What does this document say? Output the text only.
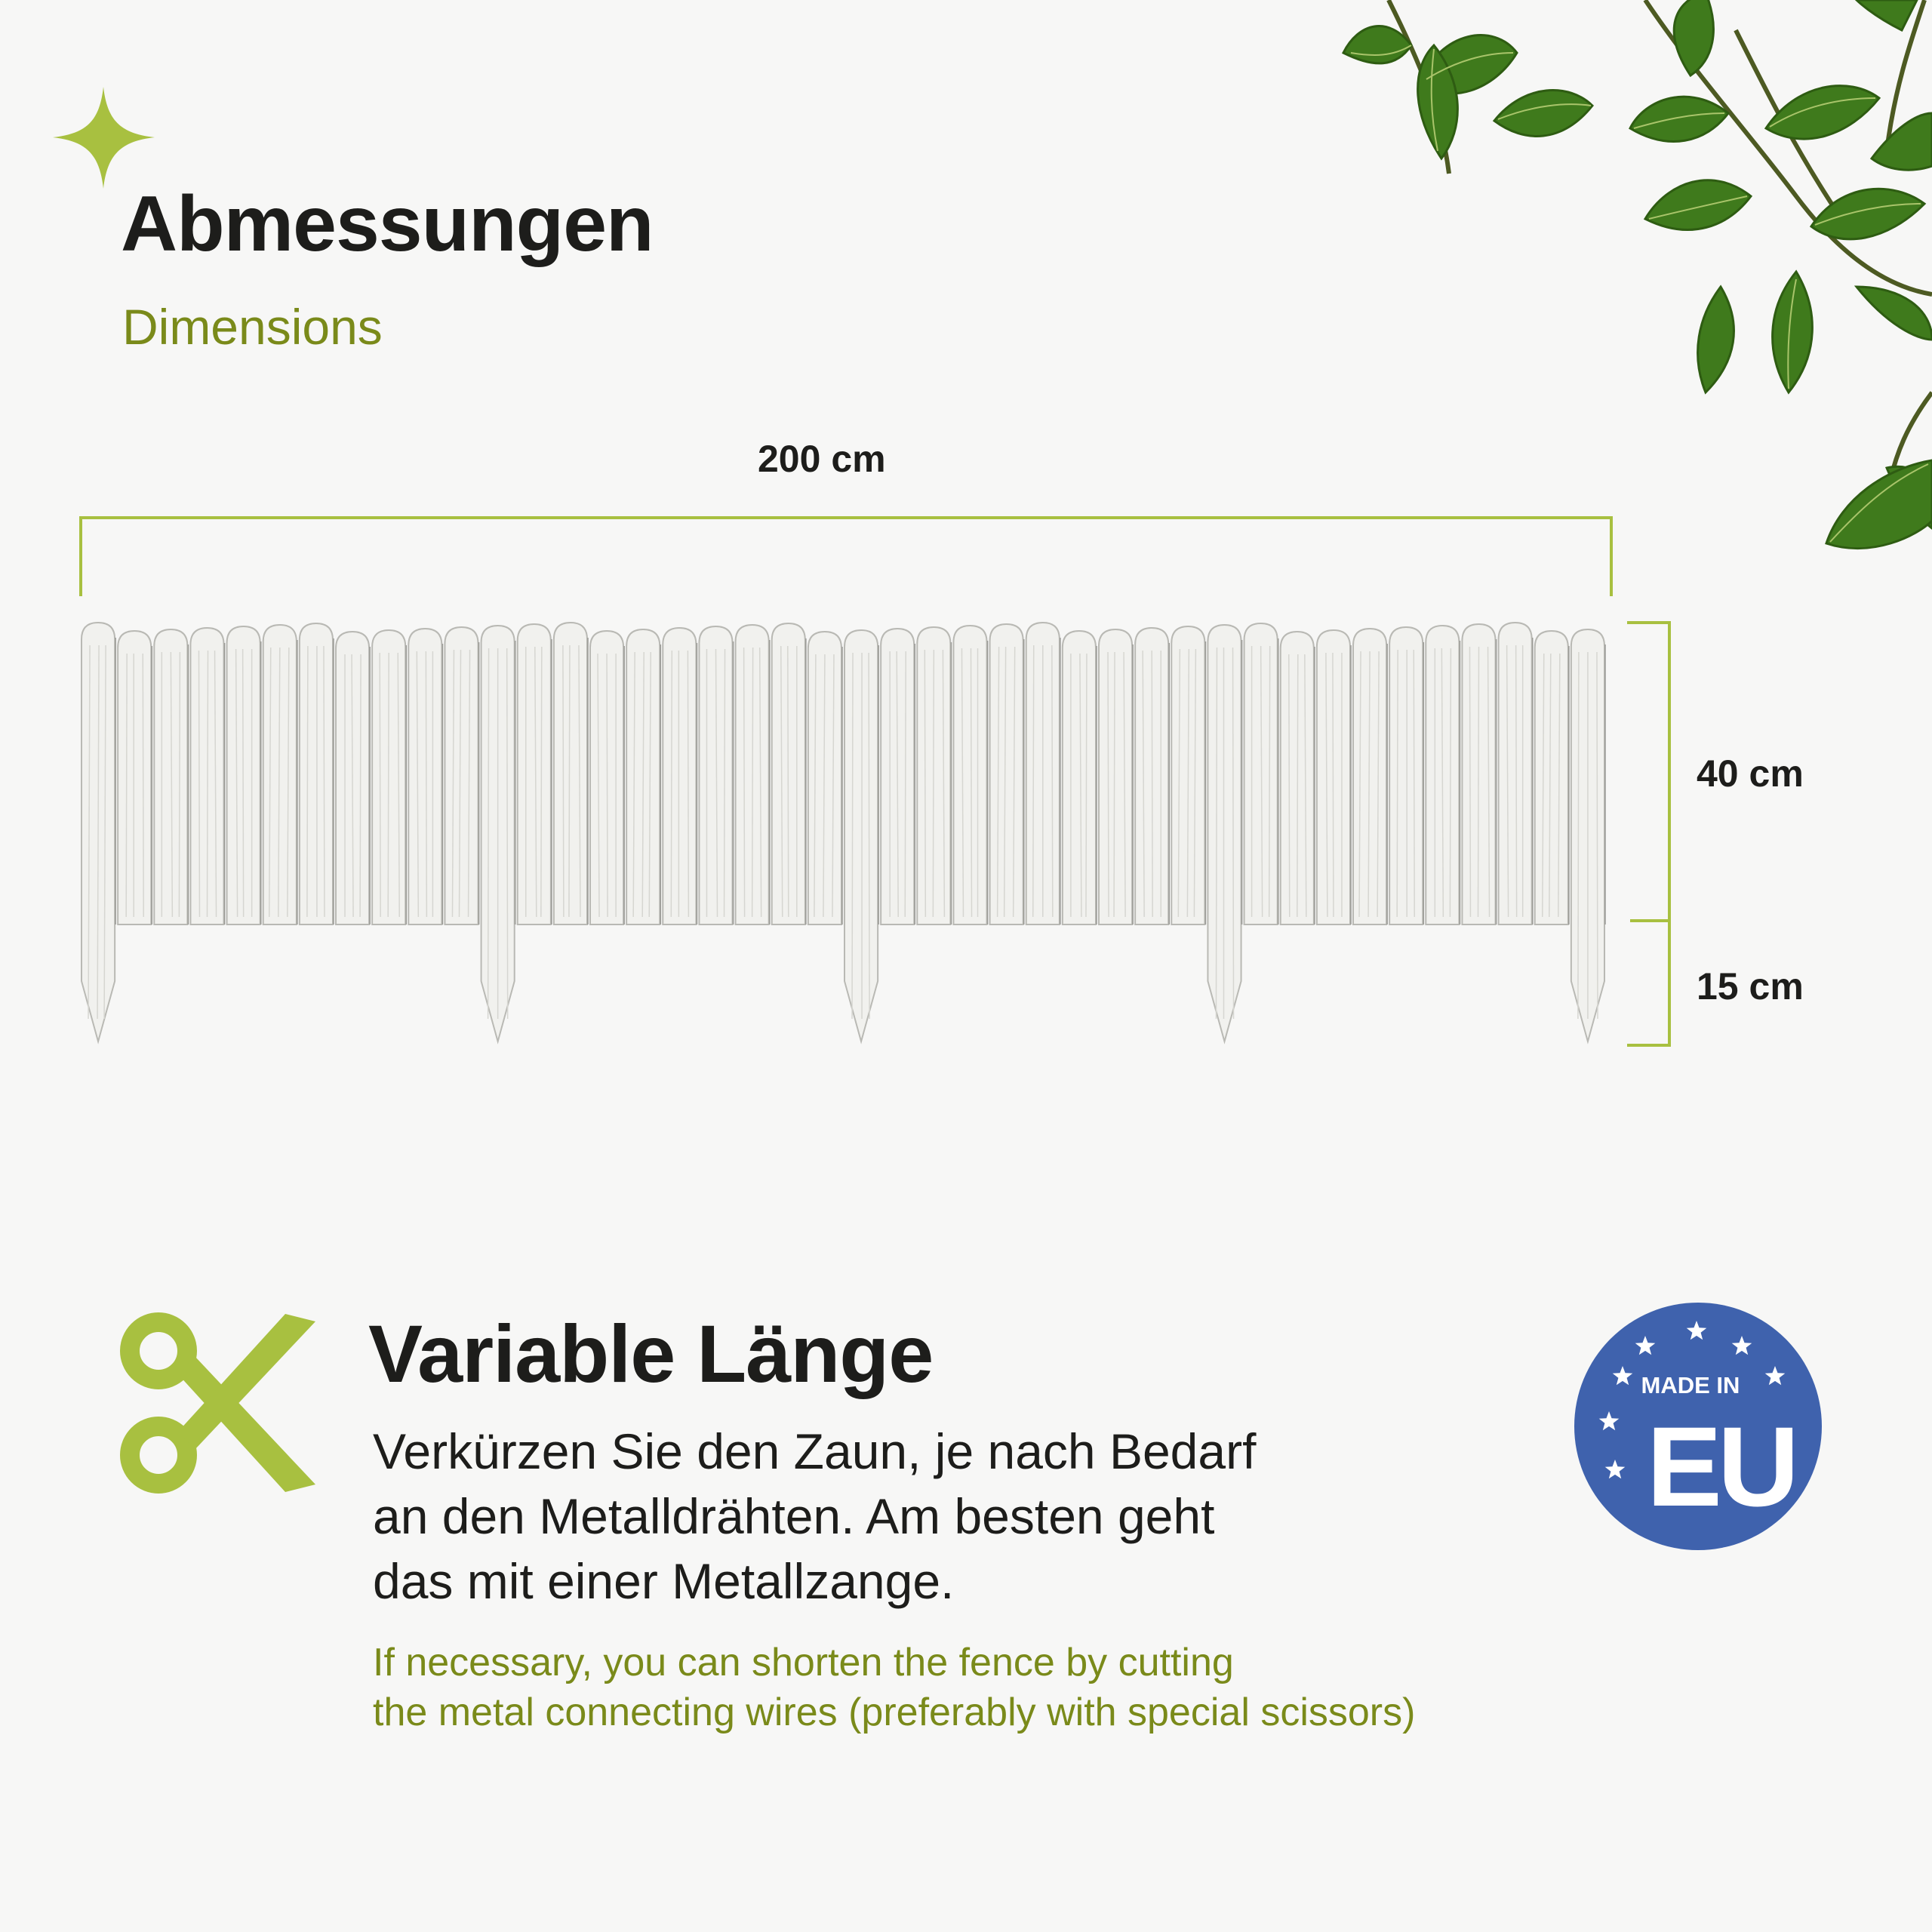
Abmessungen
Dimensions
200 cm
40 cm
15 cm
Variable Länge
Verkürzen Sie den Zaun, je nach Bedarf
an den Metalldrähten. Am besten geht
das mit einer Metallzange.
If necessary, you can shorten the fence by cutting
the metal connecting wires (preferably with special scissors)
MADE IN
EU
